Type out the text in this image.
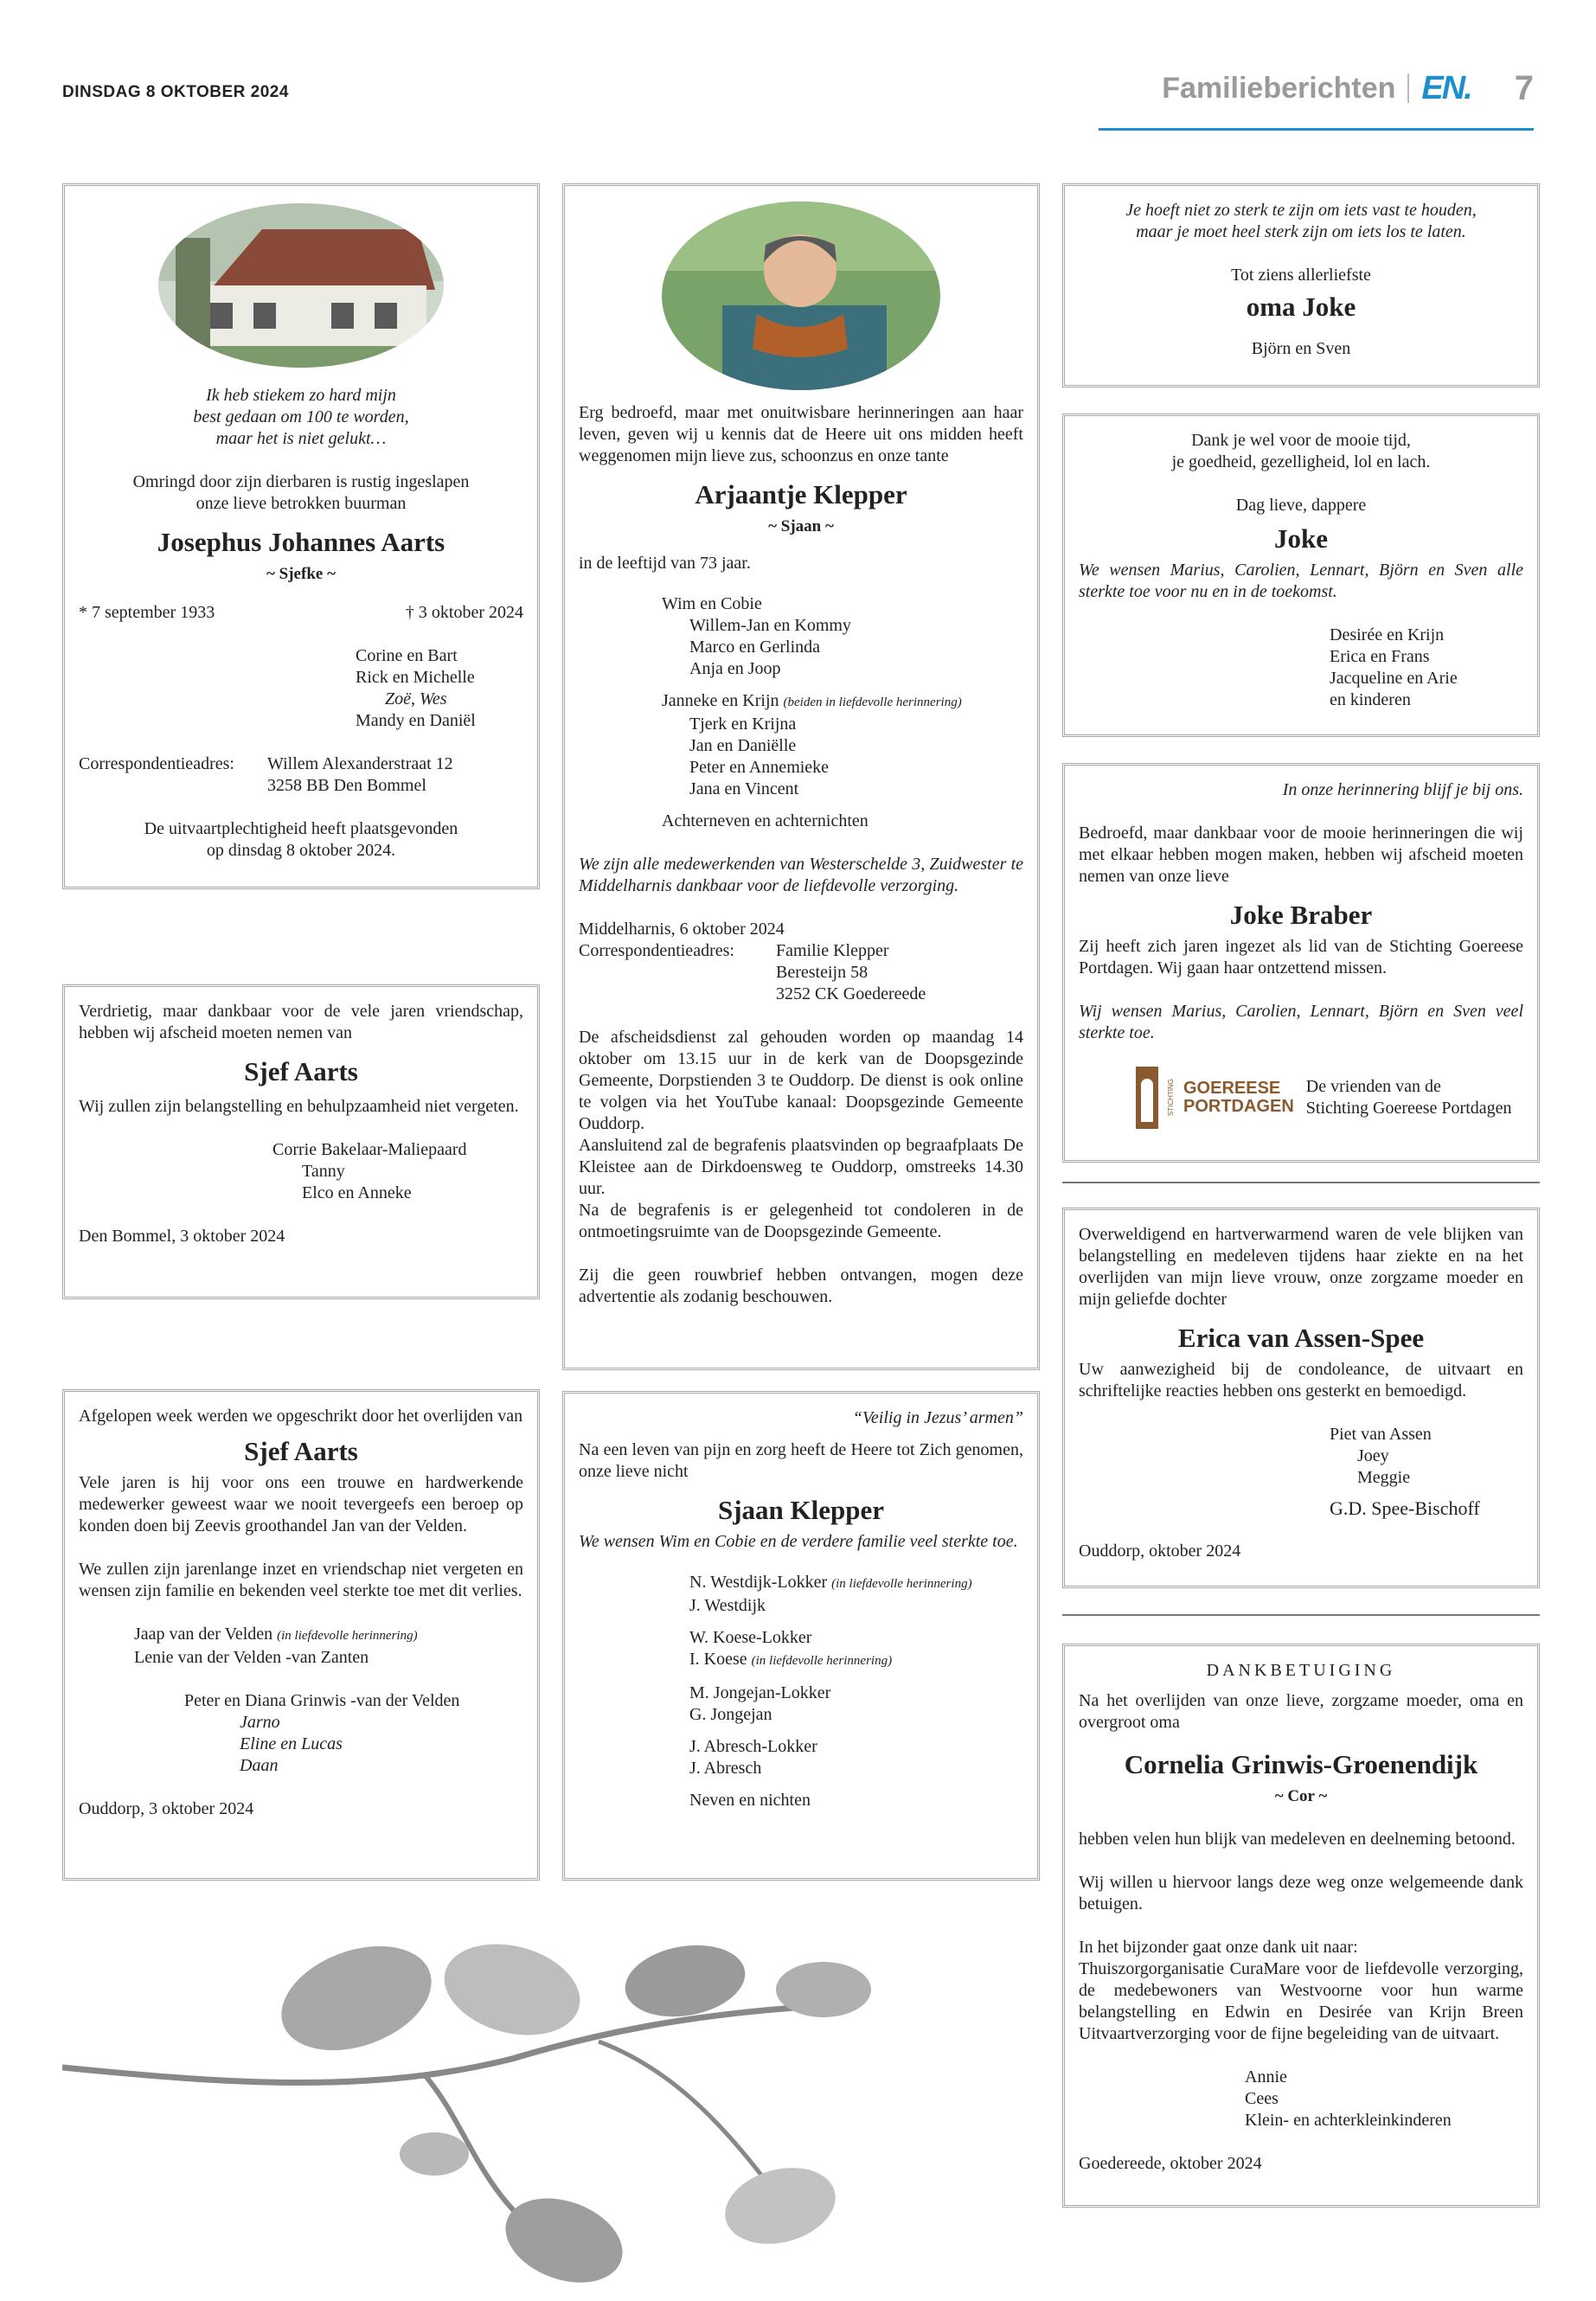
DINSDAG 8 OKTOBER 2024	Familieberichten EN. 7

Ik heb stiekem zo hard mijn

best gedaan om 100 te worden,

maar het is niet gelukt…

Omringd door zijn dierbaren is rustig ingeslapen

onze lieve betrokken buurman

Josephus Johannes Aarts
~ Sjefke ~
* 7 september 1933	† 3 oktober 2024

Corine en Bart

Rick en Michelle

Zoë, Wes

Mandy en Daniël

Correspondentieadres:	Willem Alexanderstraat 12

3258 BB Den Bommel

De uitvaartplechtigheid heeft plaatsgevonden

op dinsdag 8 oktober 2024.

Verdrietig, maar dankbaar voor de vele jaren vriendschap, hebben wij afscheid moeten nemen van

Sjef Aarts

Wij zullen zijn belangstelling en behulpzaamheid niet vergeten.

Corrie Bakelaar-Maliepaard

Tanny

Elco en Anneke

Den Bommel, 3 oktober 2024

Afgelopen week werden we opgeschrikt door het overlijden van

Sjef Aarts

Vele jaren is hij voor ons een trouwe en hardwerkende medewerker geweest waar we nooit tevergeefs een beroep op konden doen bij Zeevis groothandel Jan van der Velden.

We zullen zijn jarenlange inzet en vriendschap niet vergeten en wensen zijn familie en bekenden veel sterkte toe met dit verlies.

Jaap van der Velden (in liefdevolle herinnering)

Lenie van der Velden -van Zanten

Peter en Diana Grinwis -van der Velden

Jarno

Eline en Lucas

Daan

Ouddorp, 3 oktober 2024

Erg bedroefd, maar met onuitwisbare herinneringen aan haar leven, geven wij u kennis dat de Heere uit ons midden heeft weggenomen mijn lieve zus, schoonzus en onze tante

Arjaantje Klepper
~ Sjaan ~

in de leeftijd van 73 jaar.

Wim en Cobie

Willem-Jan en Kommy

Marco en Gerlinda

Anja en Joop

Janneke en Krijn (beiden in liefdevolle herinnering)

Tjerk en Krijna

Jan en Daniëlle

Peter en Annemieke

Jana en Vincent

Achterneven en achternichten

We zijn alle medewerkenden van Westerschelde 3, Zuidwester te Middelharnis dankbaar voor de liefdevolle verzorging.

Middelharnis, 6 oktober 2024

Correspondentieadres:	Familie Klepper

Beresteijn 58

3252 CK Goedereede

De afscheidsdienst zal gehouden worden op maandag 14 oktober om 13.15 uur in de kerk van de Doopsgezinde Gemeente, Dorpstienden 3 te Ouddorp. De dienst is ook online te volgen via het YouTube kanaal: Doopsgezinde Gemeente Ouddorp.

Aansluitend zal de begrafenis plaatsvinden op begraafplaats De Kleistee aan de Dirkdoensweg te Ouddorp, omstreeks 14.30 uur.

Na de begrafenis is er gelegenheid tot condoleren in de ontmoetingsruimte van de Doopsgezinde Gemeente.

Zij die geen rouwbrief hebben ontvangen, mogen deze advertentie als zodanig beschouwen.

“Veilig in Jezus’ armen”

Na een leven van pijn en zorg heeft de Heere tot Zich genomen, onze lieve nicht

Sjaan Klepper

We wensen Wim en Cobie en de verdere familie veel sterkte toe.

N. Westdijk-Lokker (in liefdevolle herinnering)

J. Westdijk

W. Koese-Lokker

I. Koese (in liefdevolle herinnering)

M. Jongejan-Lokker

G. Jongejan

J. Abresch-Lokker

J. Abresch

Neven en nichten

Je hoeft niet zo sterk te zijn om iets vast te houden,

maar je moet heel sterk zijn om iets los te laten.

Tot ziens allerliefste

oma Joke

Björn en Sven

Dank je wel voor de mooie tijd,

je goedheid, gezelligheid, lol en lach.

Dag lieve, dappere

Joke

We wensen Marius, Carolien, Lennart, Björn en Sven alle sterkte toe voor nu en in de toekomst.

Desirée en Krijn

Erica en Frans

Jacqueline en Arie

en kinderen

In onze herinnering blijf je bij ons.

Bedroefd, maar dankbaar voor de mooie herinneringen die wij met elkaar hebben mogen maken, hebben wij afscheid moeten nemen van onze lieve

Joke Braber

Zij heeft zich jaren ingezet als lid van de Stichting Goereese Portdagen. Wij gaan haar ontzettend missen.

Wij wensen Marius, Carolien, Lennart, Björn en Sven veel sterkte toe.

STICHTING GOEREESE
PORTDAGEN

De vrienden van de

Stichting Goereese Portdagen

Overweldigend en hartverwarmend waren de vele blijken van belangstelling en medeleven tijdens haar ziekte en na het overlijden van mijn lieve vrouw, onze zorgzame moeder en mijn geliefde dochter

Erica van Assen-Spee

Uw aanwezigheid bij de condoleance, de uitvaart en schriftelijke reacties hebben ons gesterkt en bemoedigd.

Piet van Assen

Joey

Meggie

G.D. Spee-Bischoff

Ouddorp, oktober 2024

DANKBETUIGING

Na het overlijden van onze lieve, zorgzame moeder, oma en overgroot oma

Cornelia Grinwis-Groenendijk
~ Cor ~

hebben velen hun blijk van medeleven en deelneming betoond.

Wij willen u hiervoor langs deze weg onze welgemeende dank betuigen.

In het bijzonder gaat onze dank uit naar:

Thuiszorgorganisatie CuraMare voor de liefdevolle verzorging, de medebewoners van Westvoorne voor hun warme belangstelling en Edwin en Desirée van Krijn Breen Uitvaartverzorging voor de fijne begeleiding van de uitvaart.

Annie

Cees

Klein- en achterkleinkinderen

Goedereede, oktober 2024
